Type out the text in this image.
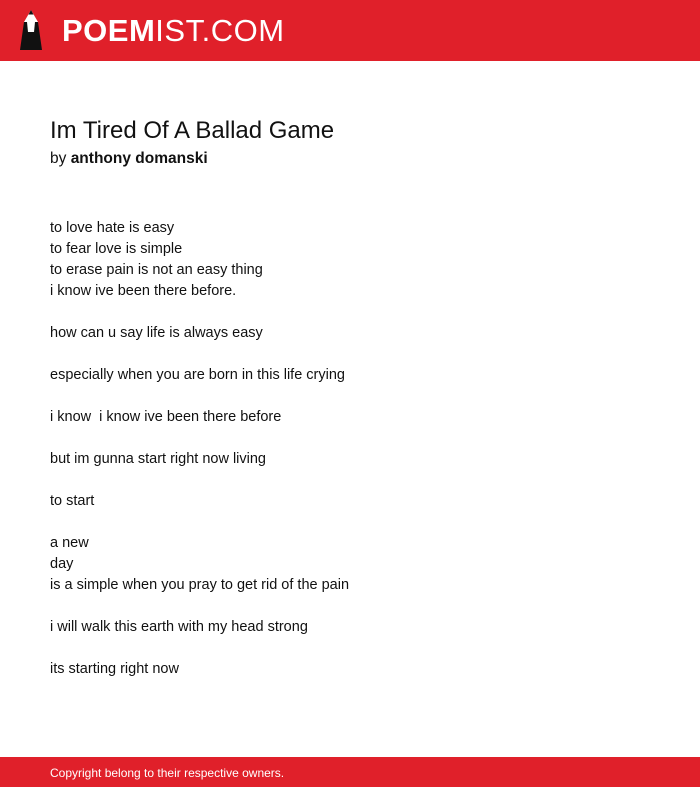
POEMIST.COM
Im Tired Of A Ballad Game
by anthony domanski
to love hate is easy
to fear love is simple
to erase pain is not an easy thing
i know ive been there before.
how can u say life is always easy
especially when you are born in this life crying
i know  i know ive been there before
but im gunna start right now living
to start
a new
day
is a simple when you pray to get rid of the pain
i will walk this earth with my head strong
its starting right now
Copyright belong to their respective owners.
